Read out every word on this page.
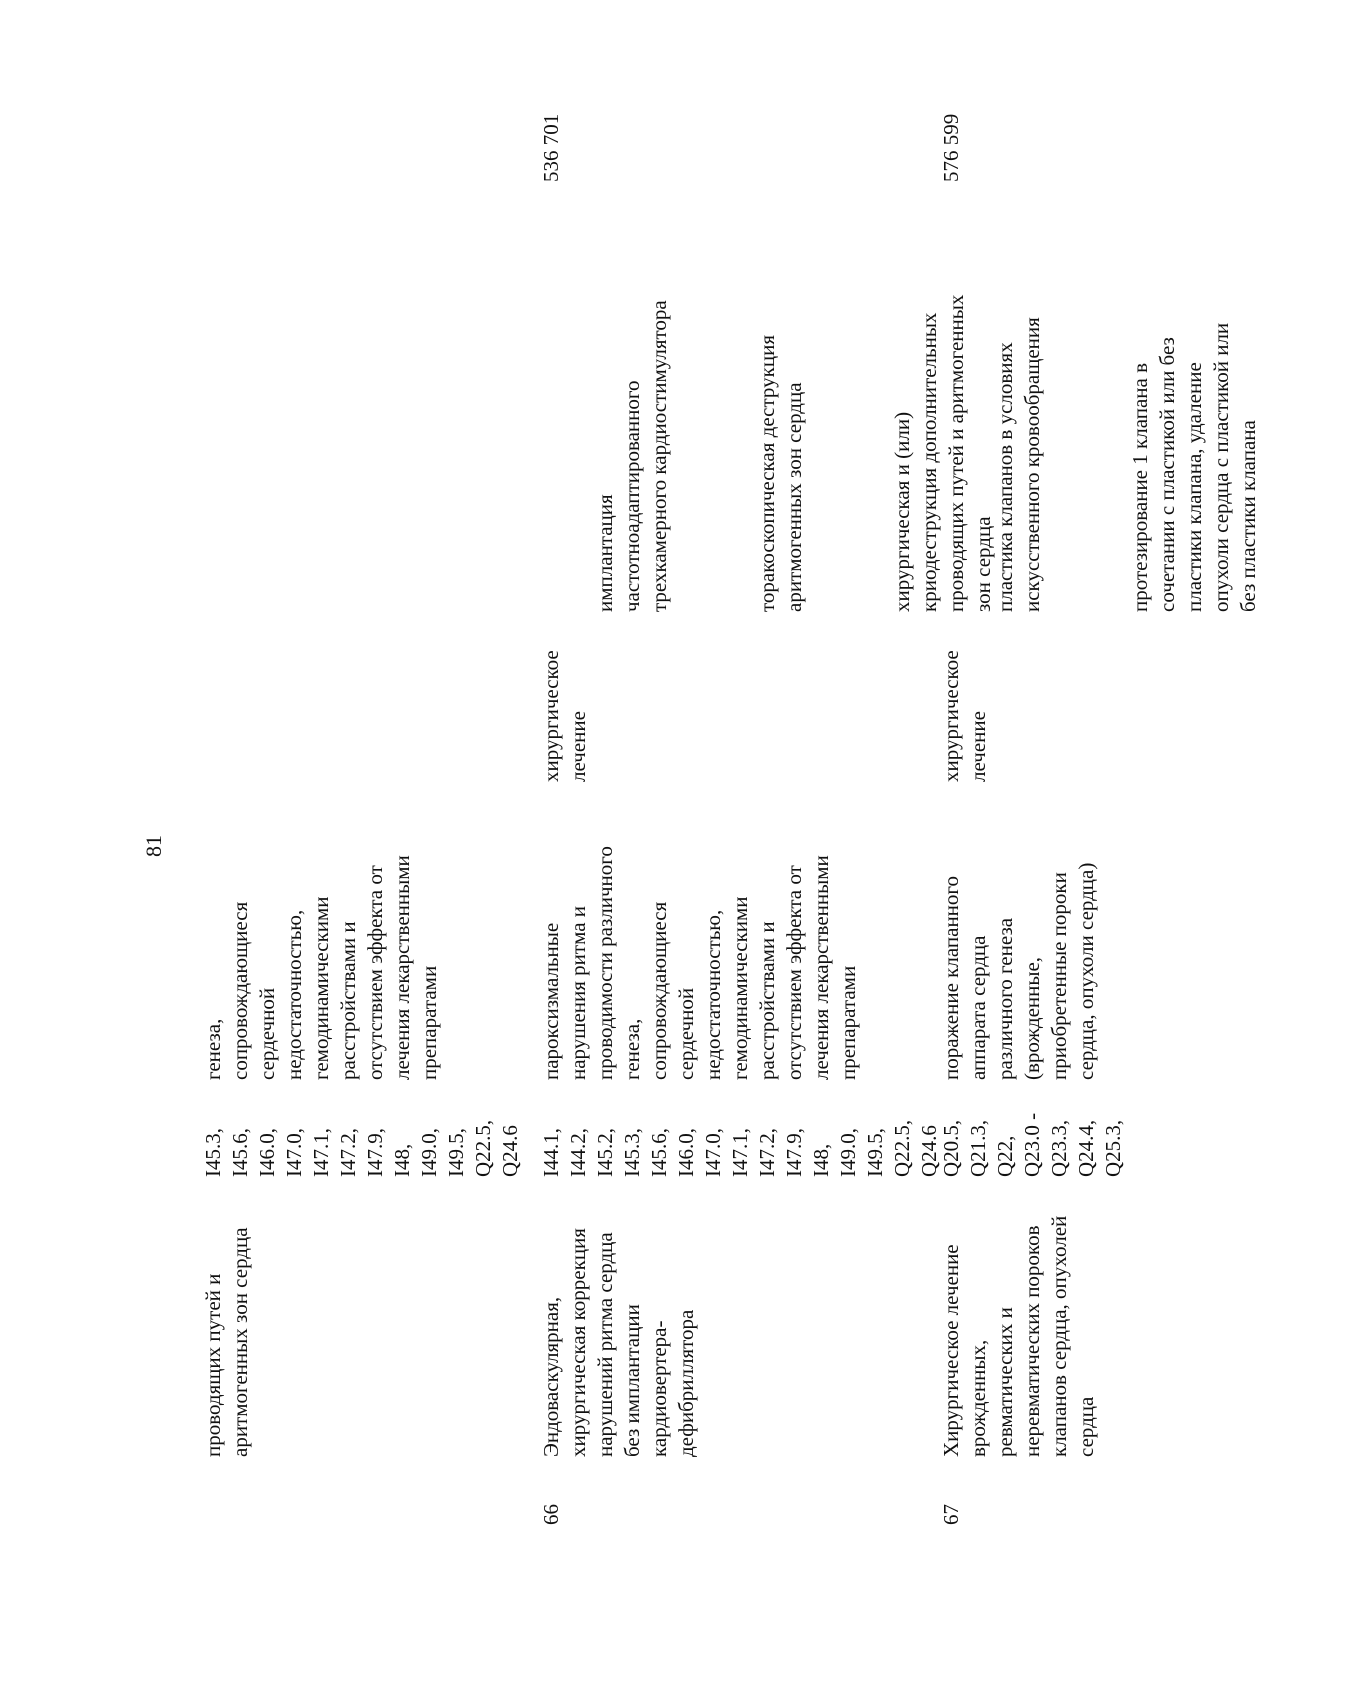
81
проводящих путей и
аритмогенных зон сердца
I45.3,
I45.6,
I46.0,
I47.0,
I47.1,
I47.2,
I47.9,
I48,
I49.0,
I49.5,
Q22.5,
Q24.6
генеза,
сопровождающиеся
сердечной
недостаточностью,
гемодинамическими
расстройствами и
отсутствием эффекта от
лечения лекарственными
препаратами

66
Эндоваскулярная,
хирургическая коррекция
нарушений ритма сердца
без имплантации
кардиовертера-
дефибриллятора
I44.1,
I44.2,
I45.2,
I45.3,
I45.6,
I46.0,
I47.0,
I47.1,
I47.2,
I47.9,
I48,
I49.0,
I49.5,
Q22.5,
Q24.6
пароксизмальные
нарушения ритма и
проводимости различного
генеза,
сопровождающиеся
сердечной
недостаточностью,
гемодинамическими
расстройствами и
отсутствием эффекта от
лечения лекарственными
препаратами
хирургическое
лечение

имплантация
частотноадаптированного
трехкамерного кардиостимулятора

торакоскопическая деструкция
аритмогенных зон сердца

хирургическая и (или)
криодеструкция дополнительных
проводящих путей и аритмогенных
зон сердца

536 701
67
Хирургическое лечение
врожденных,
ревматических и
неревматических пороков
клапанов сердца, опухолей
сердца
Q20.5,
Q21.3,
Q22,
Q23.0 -
Q23.3,
Q24.4,
Q25.3,
поражение клапанного
аппарата сердца
различного генеза
(врожденные,
приобретенные пороки
сердца, опухоли сердца)
хирургическое
лечение

пластика клапанов в условиях
искусственного кровообращения

протезирование 1 клапана в
сочетании с пластикой или без
пластики клапана, удаление
опухоли сердца с пластикой или
без пластики клапана

576 599
